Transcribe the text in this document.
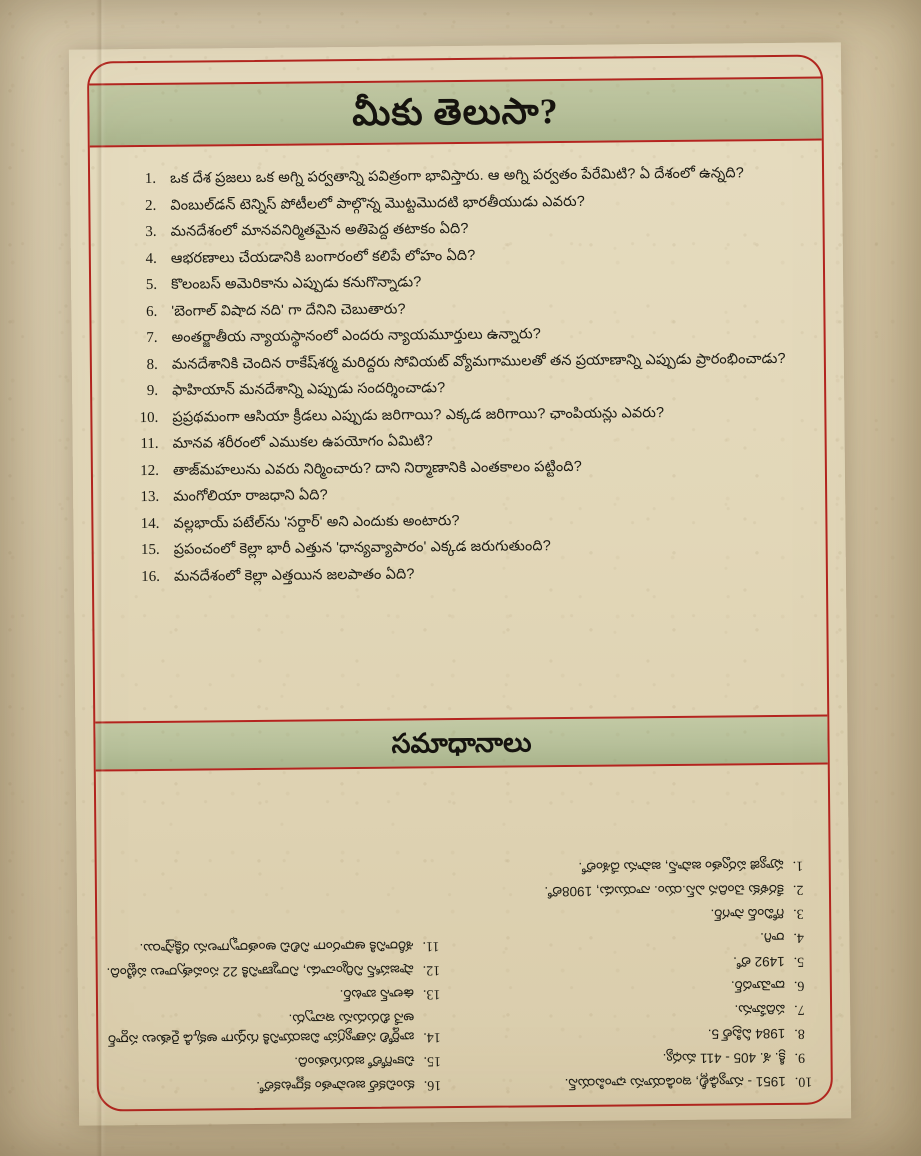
మీకు తెలుసా?
1. ఒక దేశ ప్రజలు ఒక అగ్ని పర్వతాన్ని పవిత్రంగా భావిస్తారు. ఆ అగ్ని పర్వతం పేరేమిటి? ఏ దేశంలో ఉన్నది?
2. వింబుల్‌డన్ టెన్నిస్ పోటీలలో పాల్గొన్న మొట్టమొదటి భారతీయుడు ఎవరు?
3. మనదేశంలో మానవనిర్మితమైన అతిపెద్ద తటాకం ఏది?
4. ఆభరణాలు చేయడానికి బంగారంలో కలిపే లోహం ఏది?
5. కొలంబస్ అమెరికాను ఎప్పుడు కనుగొన్నాడు?
6. 'బెంగాల్ విషాద నది' గా దేనిని చెబుతారు?
7. అంతర్జాతీయ న్యాయస్థానంలో ఎందరు న్యాయమూర్తులు ఉన్నారు?
8. మనదేశానికి చెందిన రాకేష్‌శర్మ మరిద్దరు సోవియట్ వ్యోమగాములతో తన ప్రయాణాన్ని ఎప్పుడు ప్రారంభించాడు?
9. ఫాహియాన్ మనదేశాన్ని ఎప్పుడు సందర్శించాడు?
10. ప్రప్రథమంగా ఆసియా క్రీడలు ఎప్పుడు జరిగాయి? ఎక్కడ జరిగాయి? ఛాంపియన్లు ఎవరు?
11. మానవ శరీరంలో ఎముకల ఉపయోగం ఏమిటి?
12. తాజ్‌మహలును ఎవరు నిర్మించారు? దాని నిర్మాణానికి ఎంతకాలం పట్టింది?
13. మంగోలియా రాజధాని ఏది?
14. వల్లభాయ్ పటేల్‌ను 'సర్దార్' అని ఎందుకు అంటారు?
15. ప్రపంచంలో కెల్లా భారీ ఎత్తున 'ధాన్యవ్యాపారం' ఎక్కడ జరుగుతుంది?
16. మనదేశంలో కెల్లా ఎత్తయిన జలపాతం ఏది?
సమాధానాలు
10.
1951 - న్యూఢిల్లీ, ఇండియాను ఛాంపియన్.
9.
క్రీ. శ. 405 - 411 మధ్య.
8.
1984 ఏప్రిల్ 5.
7.
పదిహేను.
6.
దామోదర్.
5.
1492 లో.
4.
రాగి.
3.
గోవింద్ సాగర్.
2.
కేరళకు చెందిన ఎస్.యం. నాయుడు, 1908లో.
1.
ఫ్యూజి పర్వతం జపాన్, జపాను దేశంలో.
16.
కుంచికల్ జలపాతం కర్ణాటకలో.
15.
చికాగోలో జరుగుతుంది.
14.
బార్డోలి సత్యాగ్రహ విజయానికి గుర్తుగా అక్కడి రైతులు సర్దార్ అనే బిరుదును ఇచ్చారు.
13.
ఉలాన్ బాటర్.
12.
షాజహాన్ నిర్మించాడు, నిర్మాణానికి 22 సంవత్సరాలు పట్టింది.
11.
శరీరానికి ఆధారంగా నిలిచి అంతర్భాగాలను రక్షిస్తాయి.
